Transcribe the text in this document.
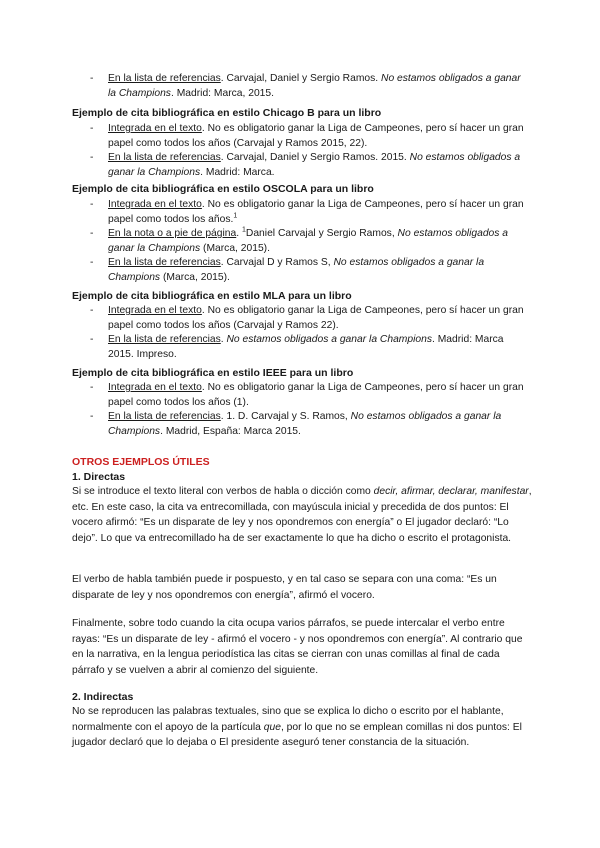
- En la lista de referencias. Carvajal, Daniel y Sergio Ramos. No estamos obligados a ganar la Champions. Madrid: Marca, 2015.
Ejemplo de cita bibliográfica en estilo Chicago B para un libro
- Integrada en el texto. No es obligatorio ganar la Liga de Campeones, pero sí hacer un gran papel como todos los años (Carvajal y Ramos 2015, 22).
- En la lista de referencias. Carvajal, Daniel y Sergio Ramos. 2015. No estamos obligados a ganar la Champions. Madrid: Marca.
Ejemplo de cita bibliográfica en estilo OSCOLA para un libro
- Integrada en el texto. No es obligatorio ganar la Liga de Campeones, pero sí hacer un gran papel como todos los años.$^1$
- En la nota o a pie de página. $^1$Daniel Carvajal y Sergio Ramos, No estamos obligados a ganar la Champions (Marca, 2015).
- En la lista de referencias. Carvajal D y Ramos S, No estamos obligados a ganar la Champions (Marca, 2015).
Ejemplo de cita bibliográfica en estilo MLA para un libro
- Integrada en el texto. No es obligatorio ganar la Liga de Campeones, pero sí hacer un gran papel como todos los años (Carvajal y Ramos 22).
- En la lista de referencias. No estamos obligados a ganar la Champions. Madrid: Marca 2015. Impreso.
Ejemplo de cita bibliográfica en estilo IEEE para un libro
- Integrada en el texto. No es obligatorio ganar la Liga de Campeones, pero sí hacer un gran papel como todos los años (1).
- En la lista de referencias. 1. D. Carvajal y S. Ramos, No estamos obligados a ganar la Champions. Madrid, España: Marca 2015.
OTROS EJEMPLOS ÚTILES
1. Directas
Si se introduce el texto literal con verbos de habla o dicción como decir, afirmar, declarar, manifestar, etc. En este caso, la cita va entrecomillada, con mayúscula inicial y precedida de dos puntos: El vocero afirmó: “Es un disparate de ley y nos opondremos con energía” o El jugador declaró: “Lo dejo”. Lo que va entrecomillado ha de ser exactamente lo que ha dicho o escrito el protagonista.
El verbo de habla también puede ir pospuesto, y en tal caso se separa con una coma: “Es un disparate de ley y nos opondremos con energía”, afirmó el vocero.
Finalmente, sobre todo cuando la cita ocupa varios párrafos, se puede intercalar el verbo entre rayas: “Es un disparate de ley - afirmó el vocero - y nos opondremos con energía”. Al contrario que en la narrativa, en la lengua periodística las citas se cierran con unas comillas al final de cada párrafo y se vuelven a abrir al comienzo del siguiente.
2. Indirectas
No se reproducen las palabras textuales, sino que se explica lo dicho o escrito por el hablante, normalmente con el apoyo de la partícula que, por lo que no se emplean comillas ni dos puntos: El jugador declaró que lo dejaba o El presidente aseguró tener constancia de la situación.
